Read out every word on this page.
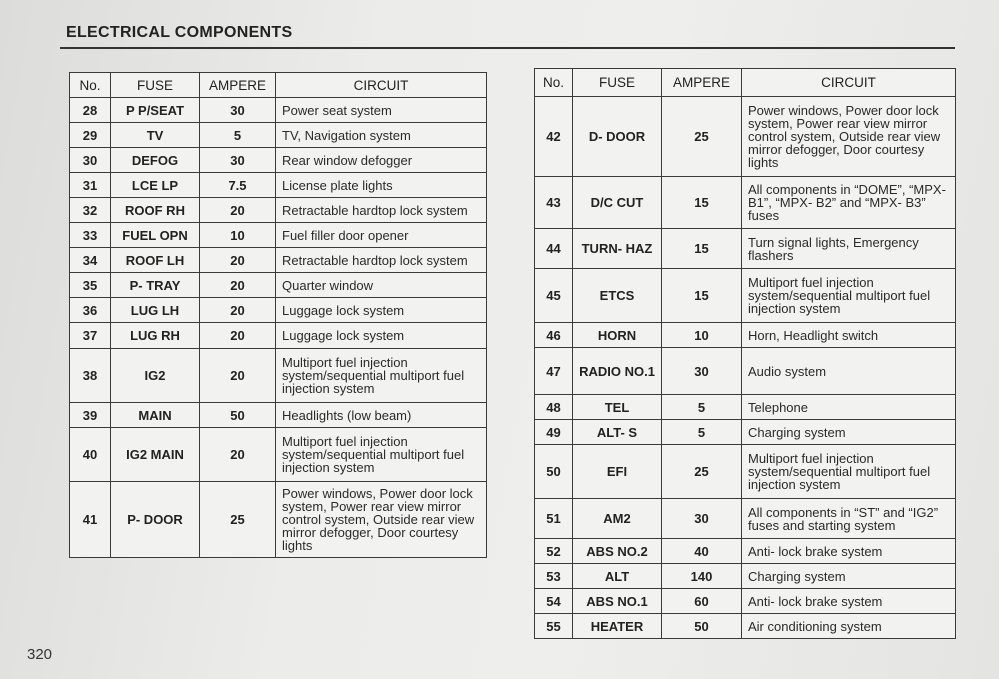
ELECTRICAL COMPONENTS
No.	FUSE	AMPERE	CIRCUIT
28	P P/SEAT	30	Power seat system
29	TV	5	TV, Navigation system
30	DEFOG	30	Rear window defogger
31	LCE LP	7.5	License plate lights
32	ROOF RH	20	Retractable hardtop lock system
33	FUEL OPN	10	Fuel filler door opener
34	ROOF LH	20	Retractable hardtop lock system
35	P- TRAY	20	Quarter window
36	LUG LH	20	Luggage lock system
37	LUG RH	20	Luggage lock system
38	IG2	20	Multiport fuel injection system/sequential multiport fuel injection system
39	MAIN	50	Headlights (low beam)
40	IG2 MAIN	20	Multiport fuel injection system/sequential multiport fuel injection system
41	P- DOOR	25	Power windows, Power door lock system, Power rear view mirror control system, Outside rear view mirror defogger, Door courtesy lights
No.	FUSE	AMPERE	CIRCUIT
42	D- DOOR	25	Power windows, Power door lock system, Power rear view mirror control system, Outside rear view mirror defogger, Door courtesy lights
43	D/C CUT	15	All components in “DOME”, “MPX- B1”, “MPX- B2” and “MPX- B3” fuses
44	TURN- HAZ	15	Turn signal lights, Emergency flashers
45	ETCS	15	Multiport fuel injection system/sequential multiport fuel injection system
46	HORN	10	Horn, Headlight switch
47	RADIO NO.1	30	Audio system
48	TEL	5	Telephone
49	ALT- S	5	Charging system
50	EFI	25	Multiport fuel injection system/sequential multiport fuel injection system
51	AM2	30	All components in “ST” and “IG2” fuses and starting system
52	ABS NO.2	40	Anti- lock brake system
53	ALT	140	Charging system
54	ABS NO.1	60	Anti- lock brake system
55	HEATER	50	Air conditioning system
320
